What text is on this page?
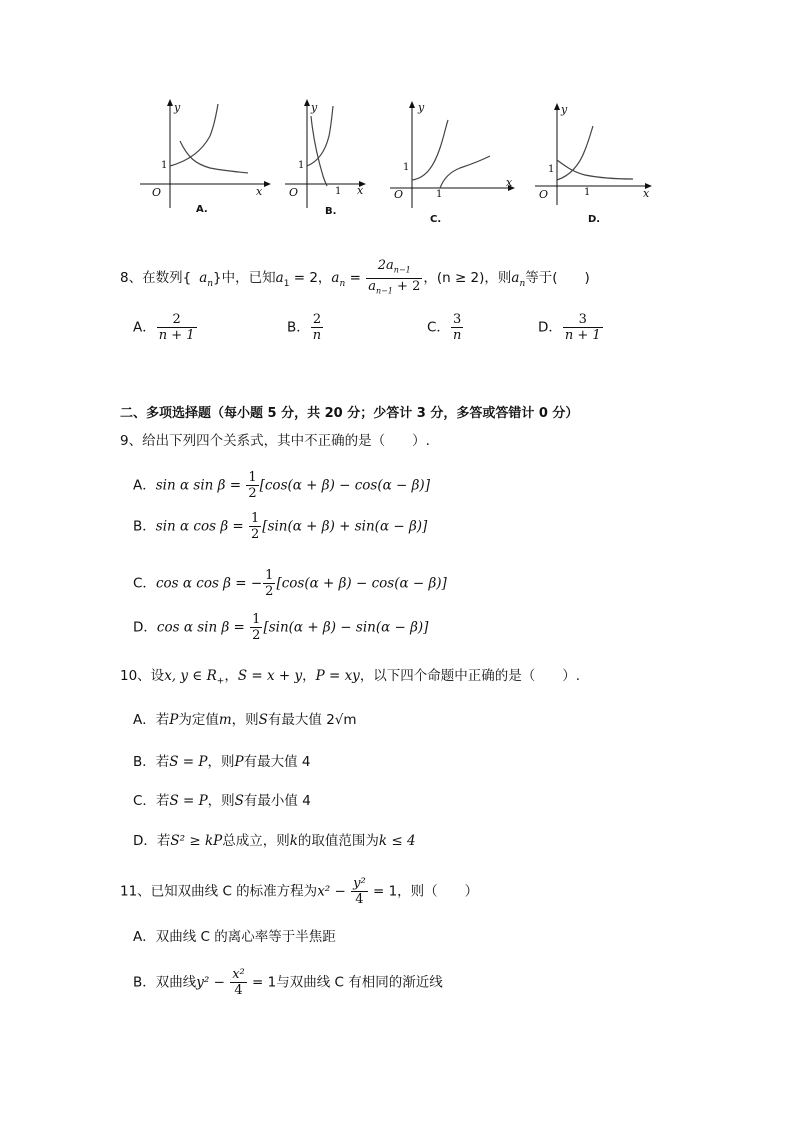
y
x
O
1
A.
y
x
O
1
1
B.
y
x
O
1
1
C.
y
x
O
1
1
D.
8、在数列{ $a_n$}中，已知$a_1 = 2$，$a_n = \frac{2a_{n-1}}{a_{n-1} + 2}$ ，(n ≥ 2)，则$a_n$等于(　　)
A． $\frac{2}{n + 1}$	B． $\frac{2}{n}$	C． $\frac{3}{n}$	D． $\frac{3}{n + 1}$
二、多项选择题（每小题 5 分，共 20 分；少答计 3 分，多答或答错计 0 分）
9、给出下列四个关系式，其中不正确的是（　　）.
A．sin α $\sin \beta = \frac{1}{2} [\cos(\alpha + \beta) - \cos(\alpha - \beta)]$
B．sin α $\cos \beta = \frac{1}{2} [\sin(\alpha + \beta) + \sin(\alpha - \beta)]$
C．cos α cos β = − $\frac{1}{2} [\cos(\alpha + \beta) - \cos(\alpha - \beta)]$
D．cos α $\sin \beta = \frac{1}{2} [\sin(\alpha + \beta) - \sin(\alpha - \beta)]$
10、设x, y ∈ $R_+$，S = x + y，P = xy，以下四个命题中正确的是（　　）.
A．若P为定值m，则S有最大值 2√m
B．若S = P，则P有最大值 4
C．若S = P，则S有最小值 4
D．若S² ≥ kP总成立，则k的取值范围为k ≤ 4
11、已知双曲线 C 的标准方程为$x^2 - \frac{\text{y²}}{4} = 1$，则（　　）
A．双曲线 C 的离心率等于半焦距
B．双曲线$y^2 - \frac{\text{x²}}{4} = 1$与双曲线 C 有相同的渐近线
